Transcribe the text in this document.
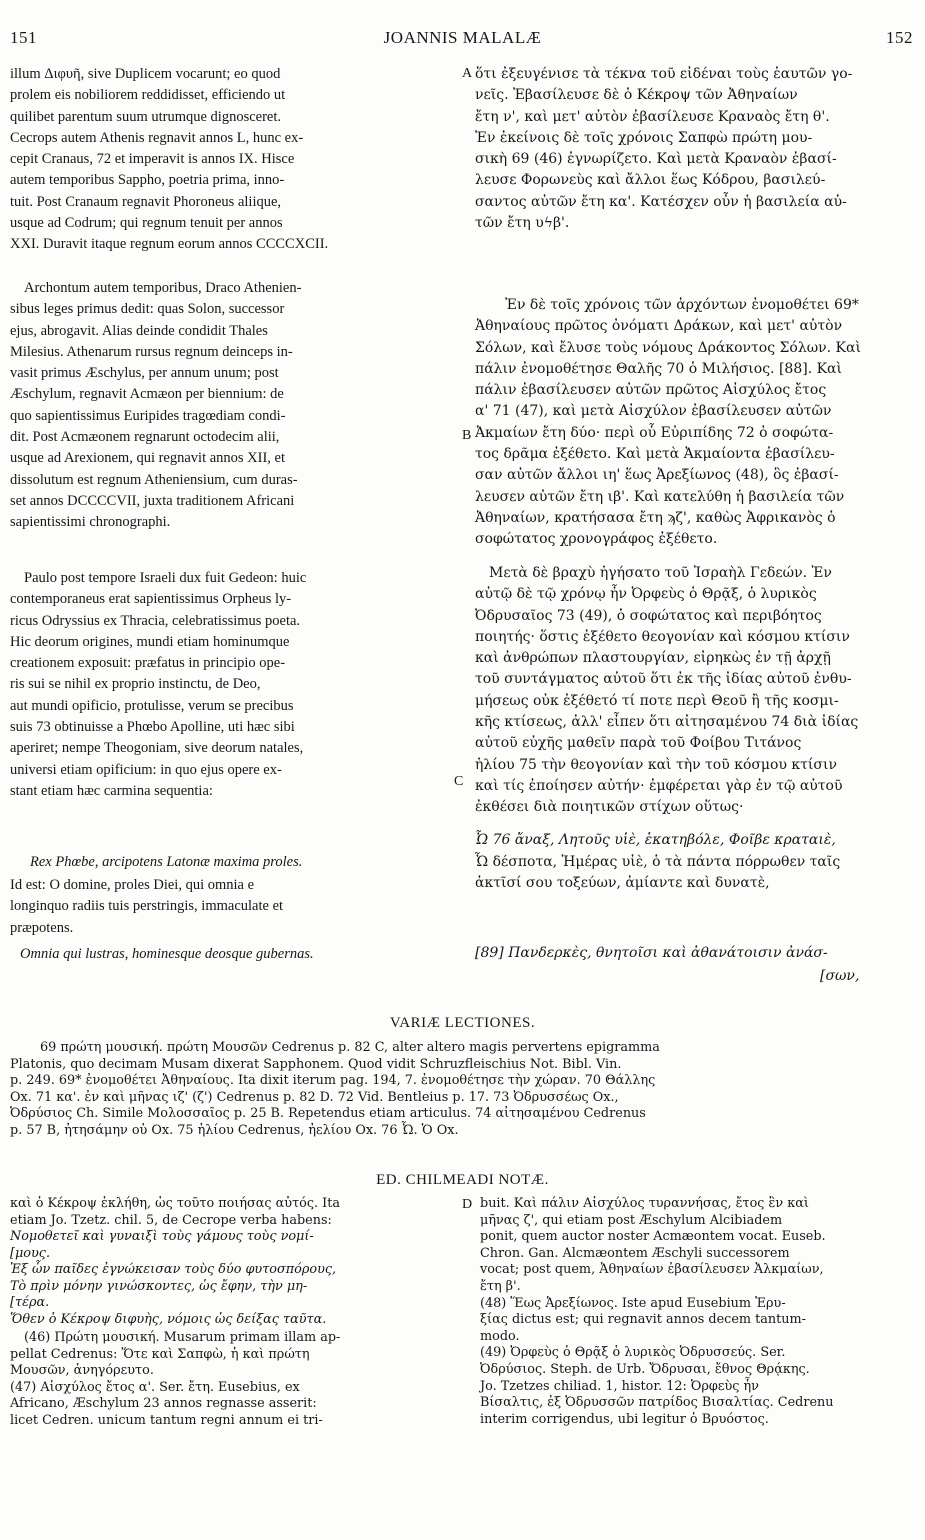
151	JOANNIS MALALÆ	152
A
B
C
D
illum Διφυῆ, sive Duplicem vocarunt; eo quod
prolem eis nobiliorem reddidisset, efficiendo ut
quilibet parentum suum utrumque dignosceret.
Cecrops autem Athenis regnavit annos L, hunc ex-
cepit Cranaus, 72 et imperavit is annos IX. Hisce
autem temporibus Sappho, poetria prima, inno-
tuit. Post Cranaum regnavit Phoroneus aliique,
usque ad Codrum; qui regnum tenuit per annos
XXI. Duravit itaque regnum eorum annos CCCCXCII.
Archontum autem temporibus, Draco Athenien-
sibus leges primus dedit: quas Solon, successor
ejus, abrogavit. Alias deinde condidit Thales
Milesius. Athenarum rursus regnum deinceps in-
vasit primus Æschylus, per annum unum; post
Æschylum, regnavit Acmæon per biennium: de
quo sapientissimus Euripides tragœdiam condi-
dit. Post Acmæonem regnarunt octodecim alii,
usque ad Arexionem, qui regnavit annos XII, et
dissolutum est regnum Atheniensium, cum duras-
set annos DCCCCVII, juxta traditionem Africani
sapientissimi chronographi.
Paulo post tempore Israeli dux fuit Gedeon: huic
contemporaneus erat sapientissimus Orpheus ly-
ricus Odryssius ex Thracia, celebratissimus poeta.
Hic deorum origines, mundi etiam hominumque
creationem exposuit: præfatus in principio ope-
ris sui se nihil ex proprio instinctu, de Deo,
aut mundi opificio, protulisse, verum se precibus
suis 73 obtinuisse a Phœbo Apolline, uti hæc sibi
aperiret; nempe Theogoniam, sive deorum natales,
universi etiam opificium: in quo ejus opere ex-
stant etiam hæc carmina sequentia:
Rex Phœbe, arcipotens Latonæ maxima proles.
Id est: O domine, proles Diei, qui omnia e
longinquo radiis tuis perstringis, immaculate et
præpotens.
Omnia qui lustras, hominesque deosque gubernas.
ὅτι ἐξευγένισε τὰ τέκνα τοῦ εἰδέναι τοὺς ἑαυτῶν γο-
νεῖς. Ἐβασίλευσε δὲ ὁ Κέκροψ τῶν Ἀθηναίων
ἔτη ν', καὶ μετ' αὐτὸν ἐβασίλευσε Κραναὸς ἔτη θ'.
Ἐν ἐκείνοις δὲ τοῖς χρόνοις Σαπφὼ πρώτη μου-
σικὴ 69 (46) ἐγνωρίζετο. Καὶ μετὰ Κραναὸν ἐβασί-
λευσε Φορωνεὺς καὶ ἄλλοι ἕως Κόδρου, βασιλεύ-
σαντος αὐτῶν ἔτη κα'. Κατέσχεν οὖν ἡ βασιλεία αὐ-
τῶν ἔτη υϟβ'.
Ἐν δὲ τοῖς χρόνοις τῶν ἀρχόντων ἐνομοθέτει 69*
Ἀθηναίους πρῶτος ὀνόματι Δράκων, καὶ μετ' αὐτὸν
Σόλων, καὶ ἔλυσε τοὺς νόμους Δράκοντος Σόλων. Καὶ
πάλιν ἐνομοθέτησε Θαλῆς 70 ὁ Μιλήσιος. [88]. Καὶ
πάλιν ἐβασίλευσεν αὐτῶν πρῶτος Αἰσχύλος ἔτος
α' 71 (47), καὶ μετὰ Αἰσχύλον ἐβασίλευσεν αὐτῶν
Ἀκμαίων ἔτη δύο· περὶ οὗ Εὐριπίδης 72 ὁ σοφώτα-
τος δρᾶμα ἐξέθετο. Καὶ μετὰ Ἀκμαίοντα ἐβασίλευ-
σαν αὐτῶν ἄλλοι ιη' ἕως Ἀρεξίωνος (48), ὃς ἐβασί-
λευσεν αὐτῶν ἔτη ιβ'. Καὶ κατελύθη ἡ βασιλεία τῶν
Ἀθηναίων, κρατήσασα ἔτη ϡζ', καθὼς Ἀφρικανὸς ὁ
σοφώτατος χρονογράφος ἐξέθετο.
Μετὰ δὲ βραχὺ ἡγήσατο τοῦ Ἰσραὴλ Γεδεών. Ἐν
αὐτῷ δὲ τῷ χρόνῳ ἦν Ὀρφεὺς ὁ Θρᾷξ, ὁ λυρικὸς
Ὀδρυσαῖος 73 (49), ὁ σοφώτατος καὶ περιβόητος
ποιητής· ὅστις ἐξέθετο θεογονίαν καὶ κόσμου κτίσιν
καὶ ἀνθρώπων πλαστουργίαν, εἰρηκὼς ἐν τῇ ἀρχῇ
τοῦ συντάγματος αὐτοῦ ὅτι ἐκ τῆς ἰδίας αὐτοῦ ἐνθυ-
μήσεως οὐκ ἐξέθετό τί ποτε περὶ Θεοῦ ἢ τῆς κοσμι-
κῆς κτίσεως, ἀλλ' εἶπεν ὅτι αἰτησαμένου 74 διὰ ἰδίας
αὐτοῦ εὐχῆς μαθεῖν παρὰ τοῦ Φοίβου Τιτάνος
ἡλίου 75 τὴν θεογονίαν καὶ τὴν τοῦ κόσμου κτίσιν
καὶ τίς ἐποίησεν αὐτήν· ἐμφέρεται γὰρ ἐν τῷ αὐτοῦ
ἐκθέσει διὰ ποιητικῶν στίχων οὕτως·
Ὦ 76 ἄναξ, Λητοῦς υἱὲ, ἑκατηβόλε, Φοῖβε κραταιὲ,
Ὦ δέσποτα, Ἡμέρας υἱὲ, ὁ τὰ πάντα πόρρωθεν ταῖς
ἀκτῖσί σου τοξεύων, ἀμίαντε καὶ δυνατὲ,
[89] Πανδερκὲς, θνητοῖσι καὶ ἀθανάτοισιν ἀνάσ-
[σων,
VARIÆ LECTIONES.
69 πρώτη μουσική. πρώτη Μουσῶν Cedrenus p. 82 C, alter altero magis pervertens epigramma
Platonis, quo decimam Musam dixerat Sapphonem. Quod vidit Schruzfleischius Not. Bibl. Vin.
p. 249. 69* ἐνομοθέτει Ἀθηναίους. Ita dixit iterum pag. 194, 7. ἐνομοθέτησε τὴν χώραν. 70 Θάλλης
Ox. 71 κα'. ἐν καὶ μῆνας ιζ' (ζ') Cedrenus p. 82 D. 72 Vid. Bentleius p. 17. 73 Ὀδρυσσέως Ox.,
Ὀδρύσιος Ch. Simile Μολοσσαῖος p. 25 B. Repetendus etiam articulus. 74 αἰτησαμένου Cedrenus
p. 57 B, ἠτησάμην οὐ Ox. 75 ἡλίου Cedrenus, ἠελίου Ox. 76 Ὦ. Ὁ Ox.
ED. CHILMEADI NOTÆ.
καὶ ὁ Κέκροψ ἐκλήθη, ὡς τοῦτο ποιήσας αὐτός. Ita
etiam Jo. Tzetz. chil. 5, de Cecrope verba habens:
Νομοθετεῖ καὶ γυναιξὶ τοὺς γάμους τοὺς νομί-
[μους.
Ἐξ ὧν παῖδες ἐγνώκεισαν τοὺς δύο φυτοσπόρους,
Τὸ πρὶν μόνην γινώσκοντες, ὡς ἔφην, τὴν μη-
[τέρα.
Ὅθεν ὁ Κέκροψ διφυὴς, νόμοις ὡς δείξας ταῦτα.
(46) Πρώτη μουσική. Musarum primam illam ap-
pellat Cedrenus: Ὅτε καὶ Σαπφὼ, ἡ καὶ πρώτη
Μουσῶν, ἀνηγόρευτο.
(47) Αἰσχύλος ἔτος α'. Ser. ἔτη. Eusebius, ex
Africano, Æschylum 23 annos regnasse asserit:
licet Cedren. unicum tantum regni annum ei tri-
buit. Καὶ πάλιν Αἰσχύλος τυραννήσας, ἔτος ἓν καὶ
μῆνας ζ', qui etiam post Æschylum Alcibiadem
ponit, quem auctor noster Acmæontem vocat. Euseb.
Chron. Gan. Alcmæontem Æschyli successorem
vocat; post quem, Ἀθηναίων ἐβασίλευσεν Ἀλκμαίων,
ἔτη β'.
(48) Ἕως Ἀρεξίωνος. Iste apud Eusebium Ἐρυ-
ξίας dictus est; qui regnavit annos decem tantum-
modo.
(49) Ὀρφεὺς ὁ Θρᾷξ ὁ λυρικὸς Ὀδρυσσεύς. Ser.
Ὀδρύσιος. Steph. de Urb. Ὄδρυσαι, ἔθνος Θρᾴκης.
Jo. Tzetzes chiliad. 1, histor. 12: Ὀρφεὺς ἦν
Βίσαλτις, ἐξ Ὀδρυσσῶν πατρίδος Βισαλτίας. Cedrenu
interim corrigendus, ubi legitur ὁ Βρυόστος.
